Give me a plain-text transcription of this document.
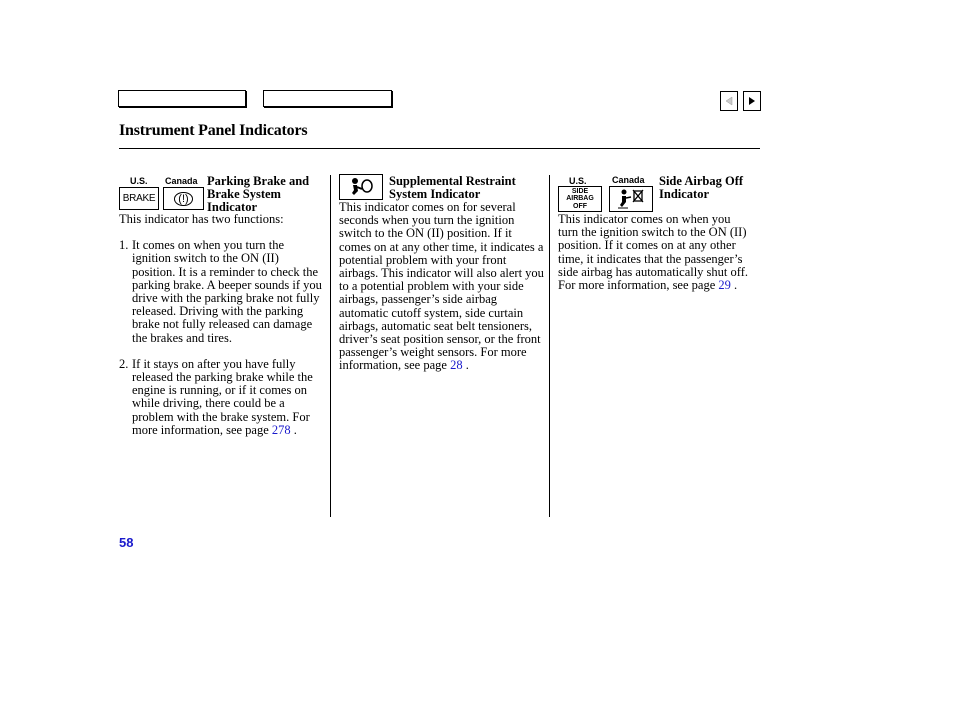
Instrument Panel Indicators
U.S. Canada
BRAKE	(!)
Parking Brake and Brake System Indicator

This indicator has two functions:

1. It comes on when you turn the ignition switch to the ON (II) position. It is a reminder to check the parking brake. A beeper sounds if you drive with the parking brake not fully released. Driving with the parking brake not fully released can damage the brakes and tires.
2. If it stays on after you have fully released the parking brake while the engine is running, or if it comes on while driving, there could be a problem with the brake system. For more information, see page 278 .
Supplemental Restraint System Indicator
This indicator comes on for several seconds when you turn the ignition switch to the ON (II) position. If it comes on at any other time, it indicates a potential problem with your front airbags. This indicator will also alert you to a potential problem with your side airbags, passenger’s side airbag automatic cutoff system, side curtain airbags, automatic seat belt tensioners, driver’s seat position sensor, or the front passenger’s weight sensors. For more information, see page 28 .
U.S.	Canada
SIDE
AIRBAG
OFF
Side Airbag Off Indicator
This indicator comes on when you turn the ignition switch to the ON (II) position. If it comes on at any other time, it indicates that the passenger’s side airbag has automatically shut off. For more information, see page 29 .
58
